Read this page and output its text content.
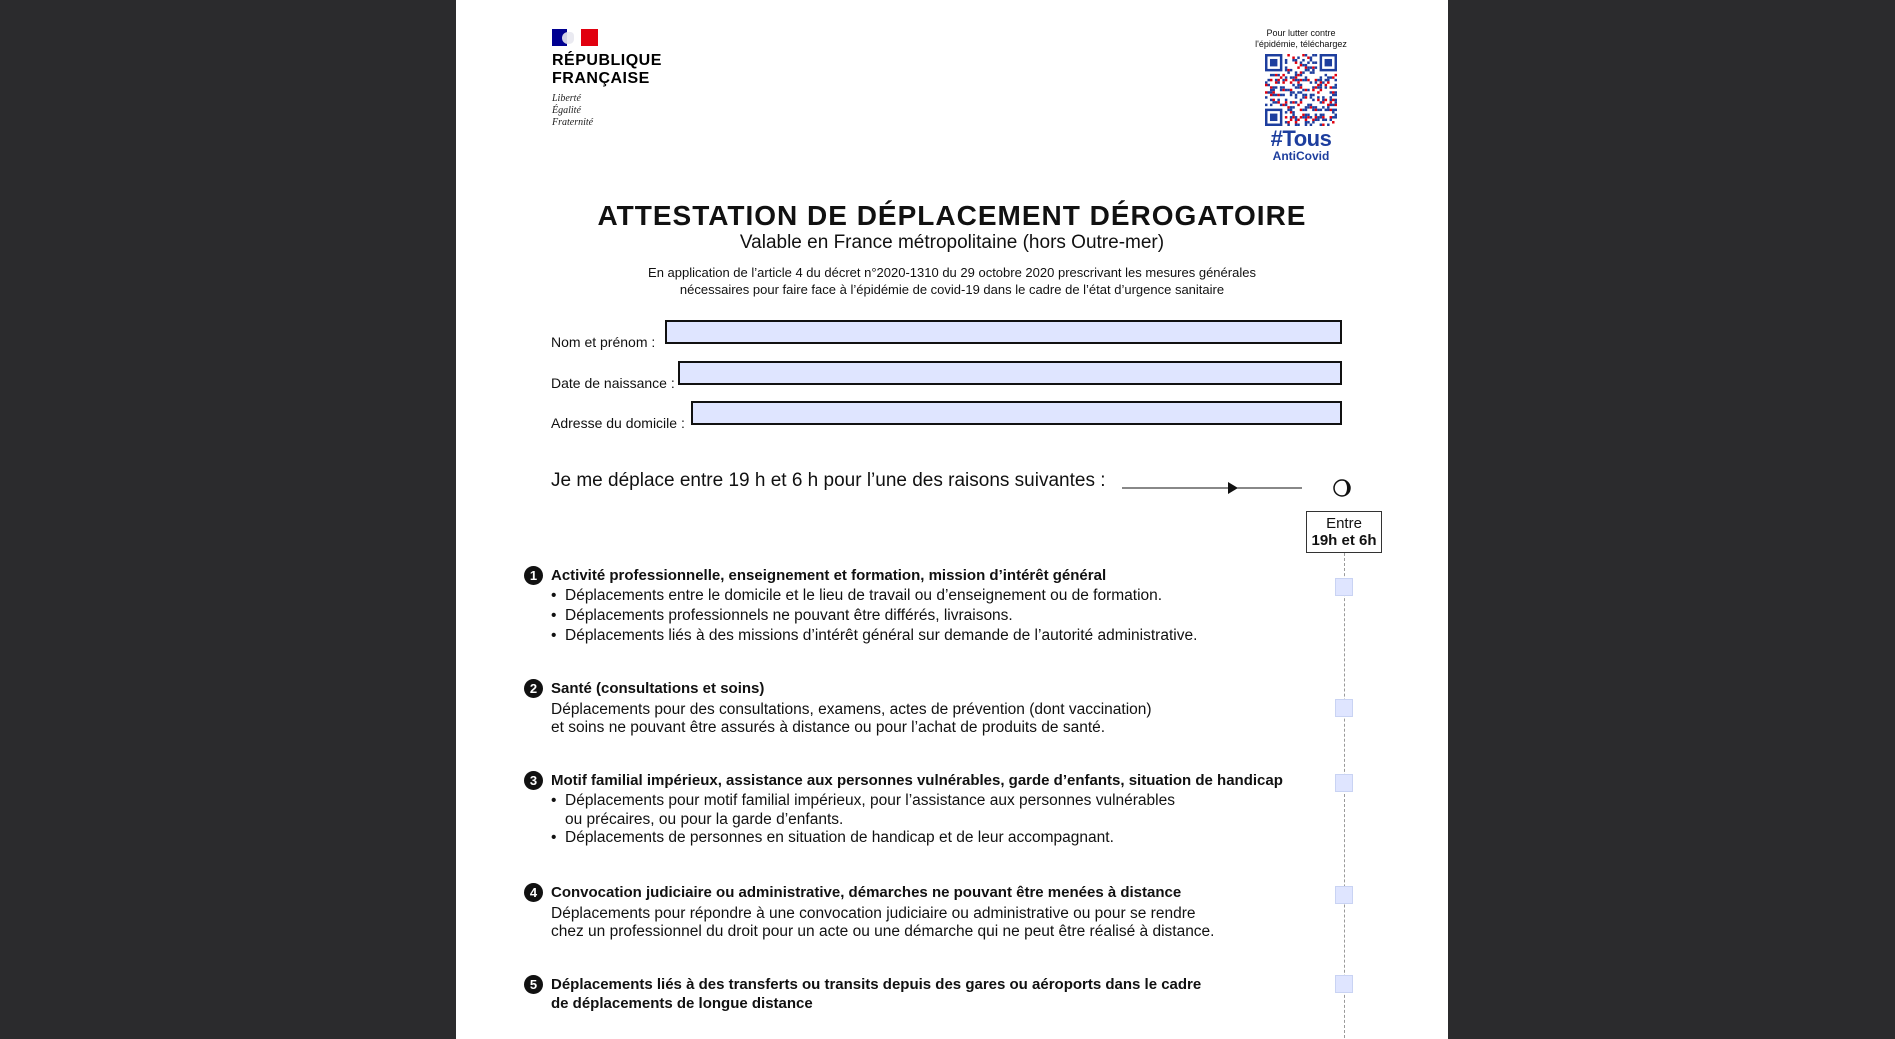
RÉPUBLIQUE
FRANÇAISE
Liberté
Égalité
Fraternité
Pour lutter contre
l'épidémie, téléchargez
#Tous
AntiCovid
ATTESTATION DE DÉPLACEMENT DÉROGATOIRE
Valable en France métropolitaine (hors Outre-mer)
En application de l’article 4 du décret n°2020-1310 du 29 octobre 2020 prescrivant les mesures générales
nécessaires pour faire face à l’épidémie de covid-19 dans le cadre de l’état d’urgence sanitaire
Nom et prénom :
Date de naissance :
Adresse du domicile :
Je me déplace entre 19 h et 6 h pour l’une des raisons suivantes :
Entre
19h et 6h
1 Activité professionnelle, enseignement et formation, mission d’intérêt général
• Déplacements entre le domicile et le lieu de travail ou d’enseignement ou de formation.
• Déplacements professionnels ne pouvant être différés, livraisons.
• Déplacements liés à des missions d’intérêt général sur demande de l’autorité administrative.
2 Santé (consultations et soins)
Déplacements pour des consultations, examens, actes de prévention (dont vaccination)
et soins ne pouvant être assurés à distance ou pour l’achat de produits de santé.
3 Motif familial impérieux, assistance aux personnes vulnérables, garde d’enfants, situation de handicap
• Déplacements pour motif familial impérieux, pour l’assistance aux personnes vulnérables
ou précaires, ou pour la garde d’enfants.
• Déplacements de personnes en situation de handicap et de leur accompagnant.
4 Convocation judiciaire ou administrative, démarches ne pouvant être menées à distance
Déplacements pour répondre à une convocation judiciaire ou administrative ou pour se rendre
chez un professionnel du droit pour un acte ou une démarche qui ne peut être réalisé à distance.
5 Déplacements liés à des transferts ou transits depuis des gares ou aéroports dans le cadre
de déplacements de longue distance
